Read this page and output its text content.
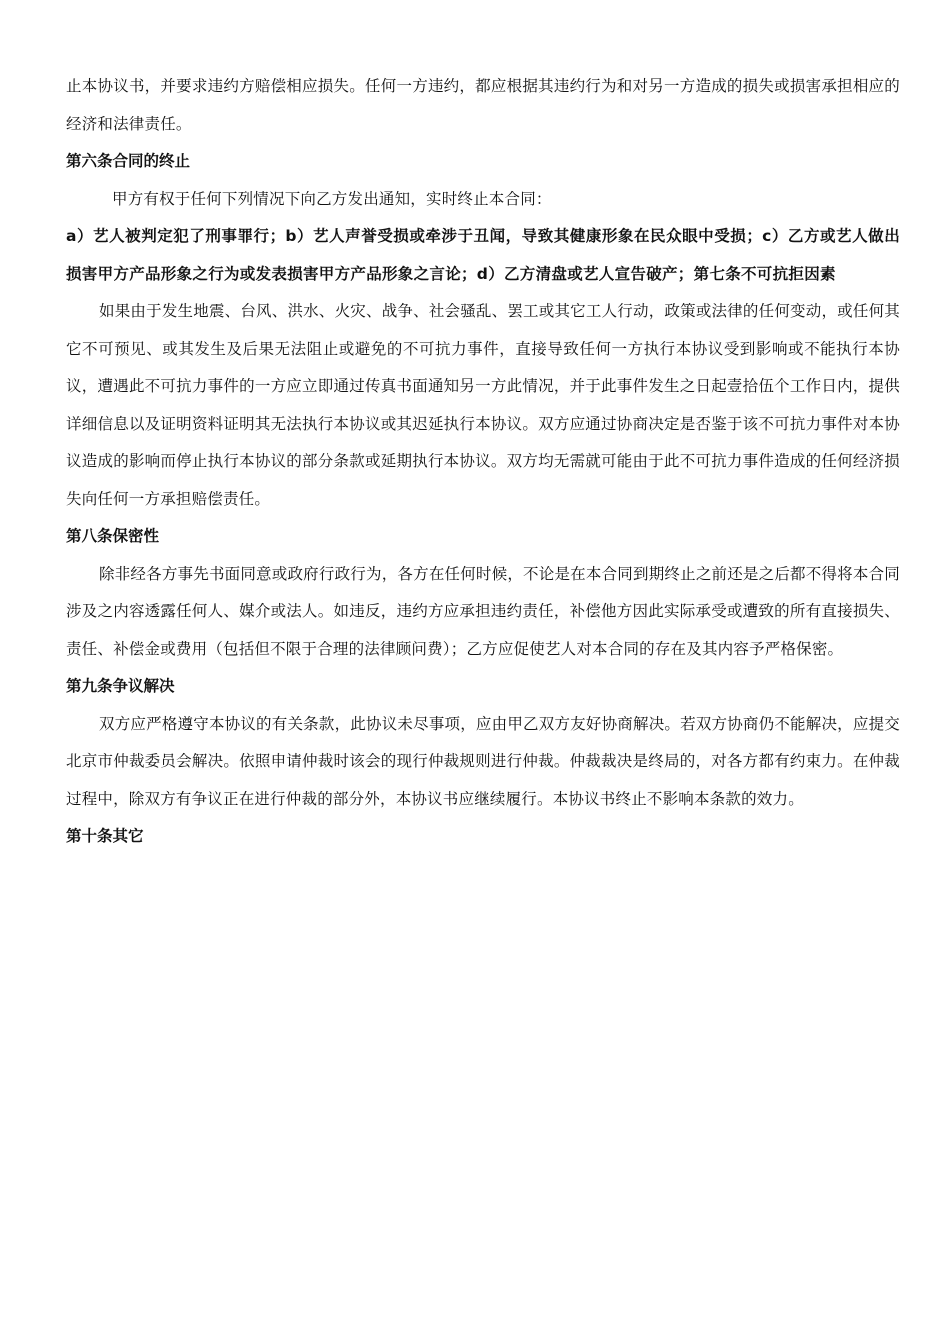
止本协议书，并要求违约方赔偿相应损失。任何一方违约，都应根据其违约行为和对另一方造成的损失或损害承担相应的经济和法律责任。

第六条合同的终止

甲方有权于任何下列情况下向乙方发出通知，实时终止本合同：

a）艺人被判定犯了刑事罪行；b）艺人声誉受损或牵涉于丑闻，导致其健康形象在民众眼中受损；c）乙方或艺人做出损害甲方产品形象之行为或发表损害甲方产品形象之言论；d）乙方清盘或艺人宣告破产；第七条不可抗拒因素

如果由于发生地震、台风、洪水、火灾、战争、社会骚乱、罢工或其它工人行动，政策或法律的任何变动，或任何其它不可预见、或其发生及后果无法阻止或避免的不可抗力事件，直接导致任何一方执行本协议受到影响或不能执行本协议，遭遇此不可抗力事件的一方应立即通过传真书面通知另一方此情况，并于此事件发生之日起壹拾伍个工作日内，提供详细信息以及证明资料证明其无法执行本协议或其迟延执行本协议。双方应通过协商决定是否鉴于该不可抗力事件对本协议造成的影响而停止执行本协议的部分条款或延期执行本协议。双方均无需就可能由于此不可抗力事件造成的任何经济损失向任何一方承担赔偿责任。

第八条保密性

除非经各方事先书面同意或政府行政行为，各方在任何时候，不论是在本合同到期终止之前还是之后都不得将本合同涉及之内容透露任何人、媒介或法人。如违反，违约方应承担违约责任，补偿他方因此实际承受或遭致的所有直接损失、责任、补偿金或费用（包括但不限于合理的法律顾问费）；乙方应促使艺人对本合同的存在及其内容予严格保密。

第九条争议解决

双方应严格遵守本协议的有关条款，此协议未尽事项，应由甲乙双方友好协商解决。若双方协商仍不能解决，应提交北京市仲裁委员会解决。依照申请仲裁时该会的现行仲裁规则进行仲裁。仲裁裁决是终局的，对各方都有约束力。在仲裁过程中，除双方有争议正在进行仲裁的部分外，本协议书应继续履行。本协议书终止不影响本条款的效力。

第十条其它
